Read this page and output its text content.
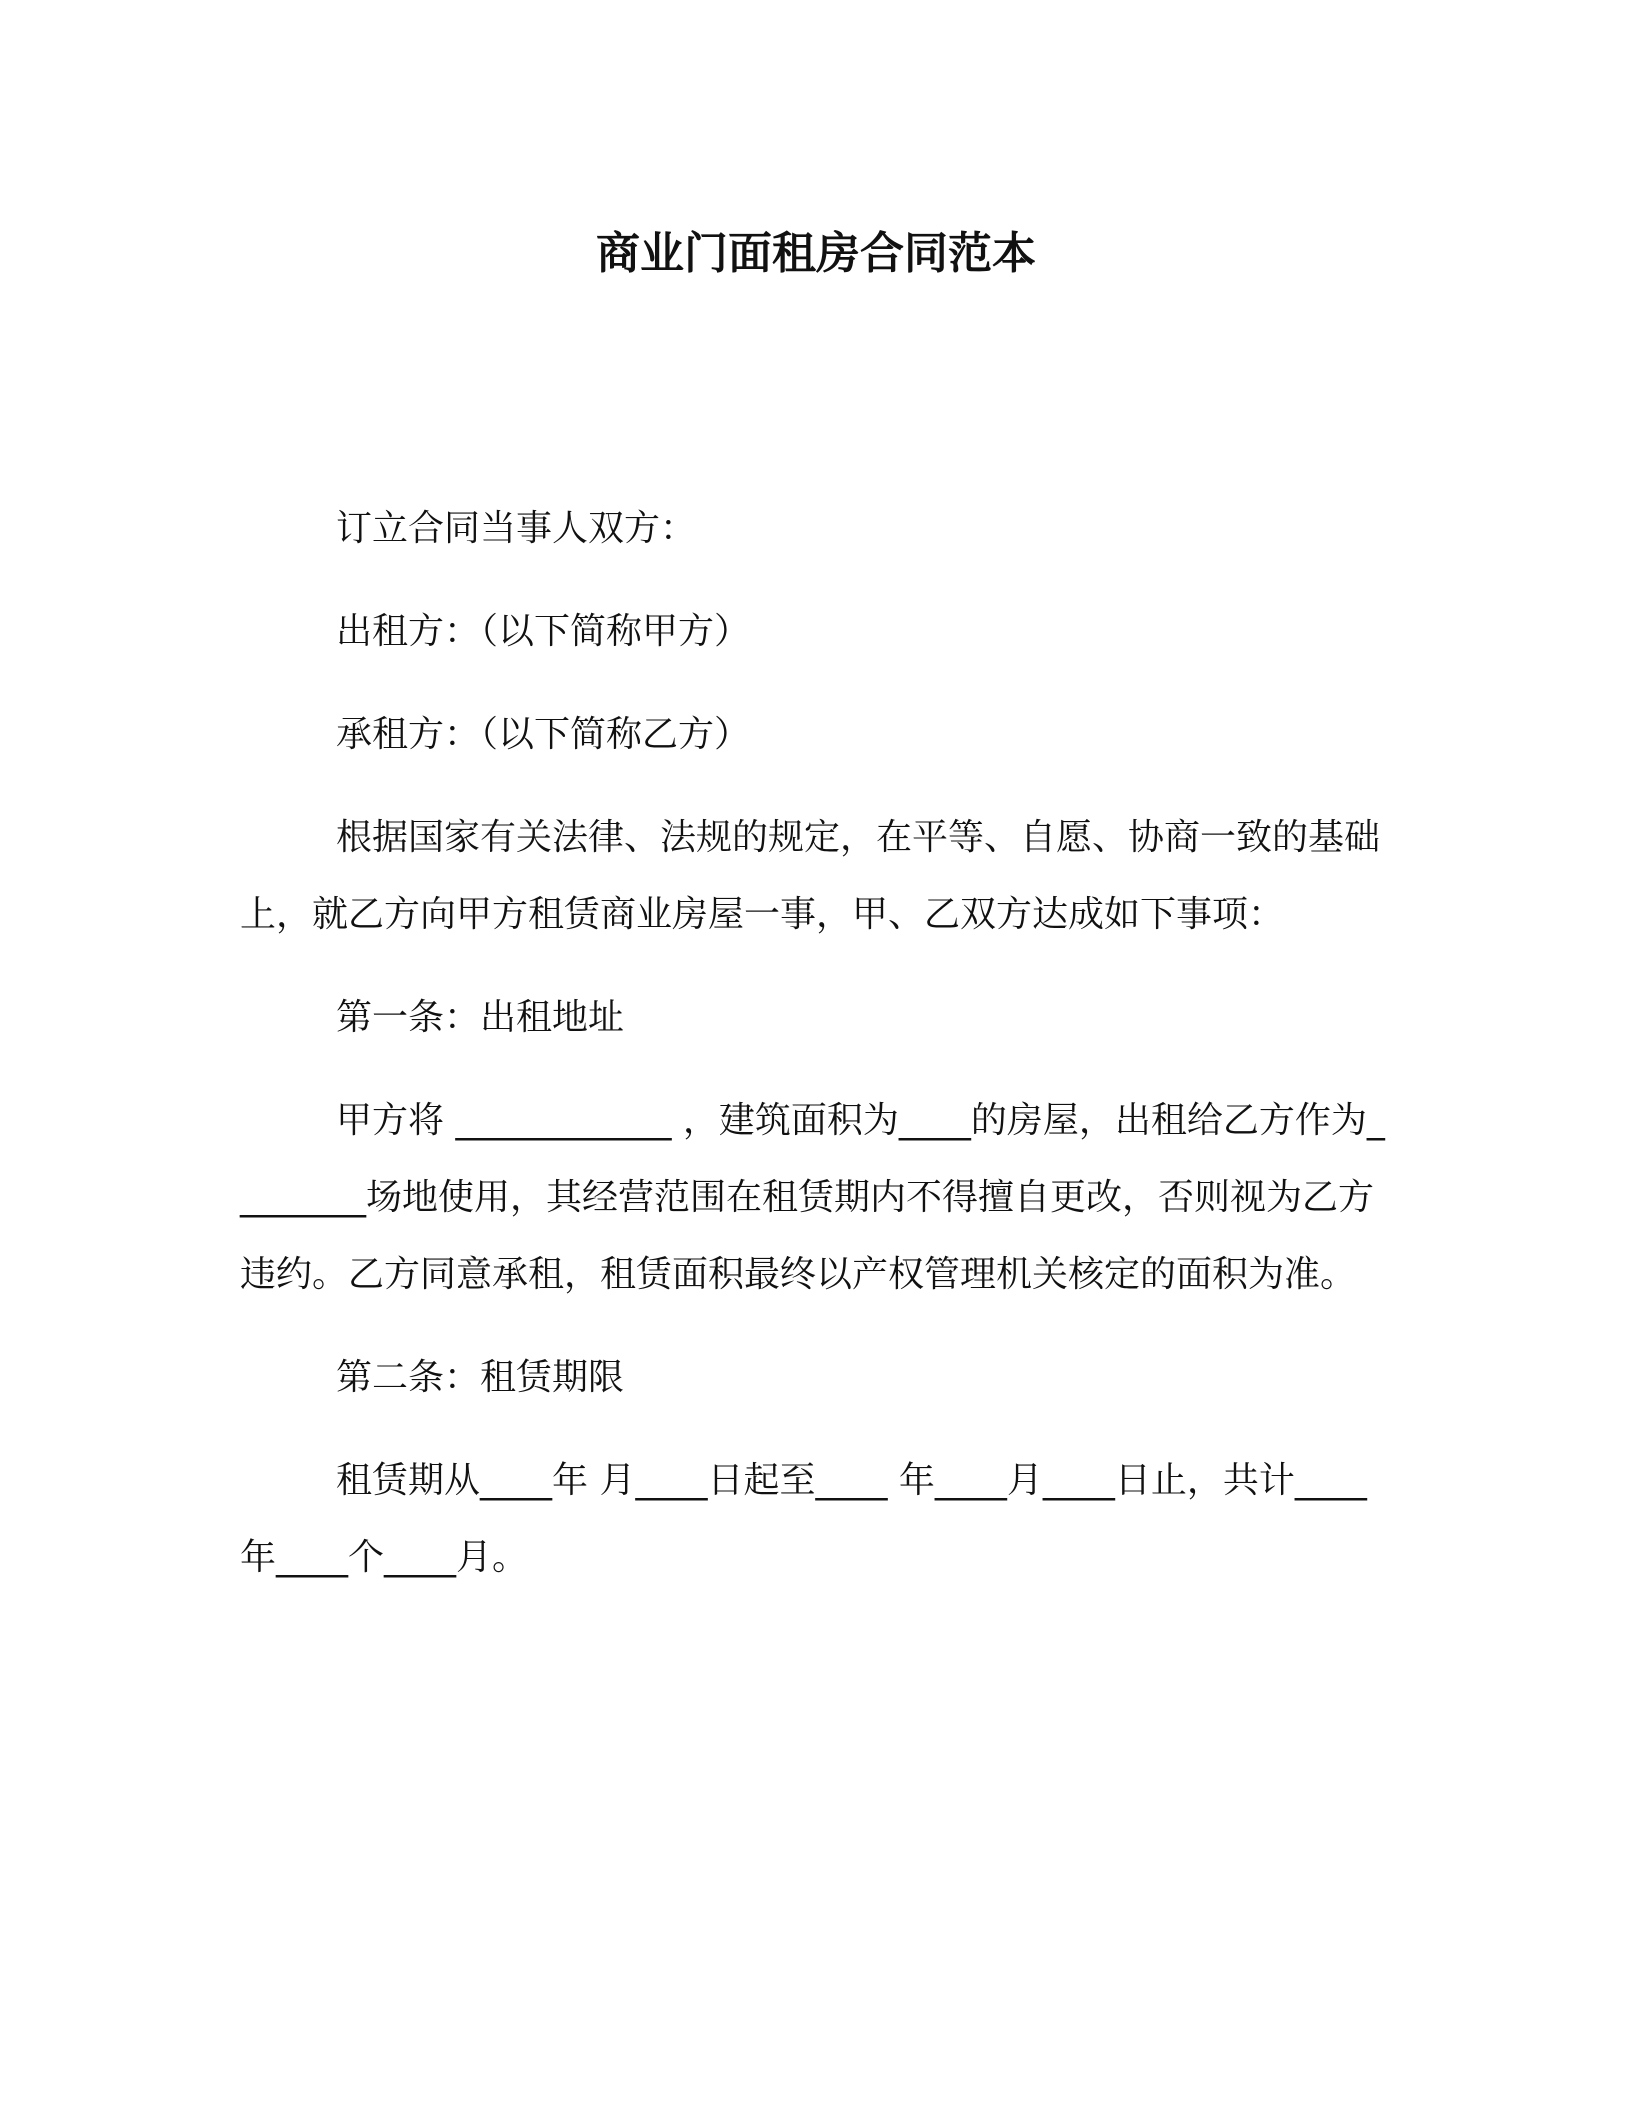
商业门面租房合同范本

订立合同当事人双方：

出租方：（以下简称甲方）

承租方：（以下简称乙方）

根据国家有关法律、法规的规定，在平等、自愿、协商一致的基础上，就乙方向甲方租赁商业房屋一事，甲、乙双方达成如下事项：

第一条：出租地址

甲方将 ____________ ，建筑面积为____的房屋，出租给乙方作为________场地使用，其经营范围在租赁期内不得擅自更改，否则视为乙方违约。乙方同意承租，租赁面积最终以产权管理机关核定的面积为准。

第二条：租赁期限

租赁期从____年 月____日起至____ 年____月____日止，共计____年____个____月。
